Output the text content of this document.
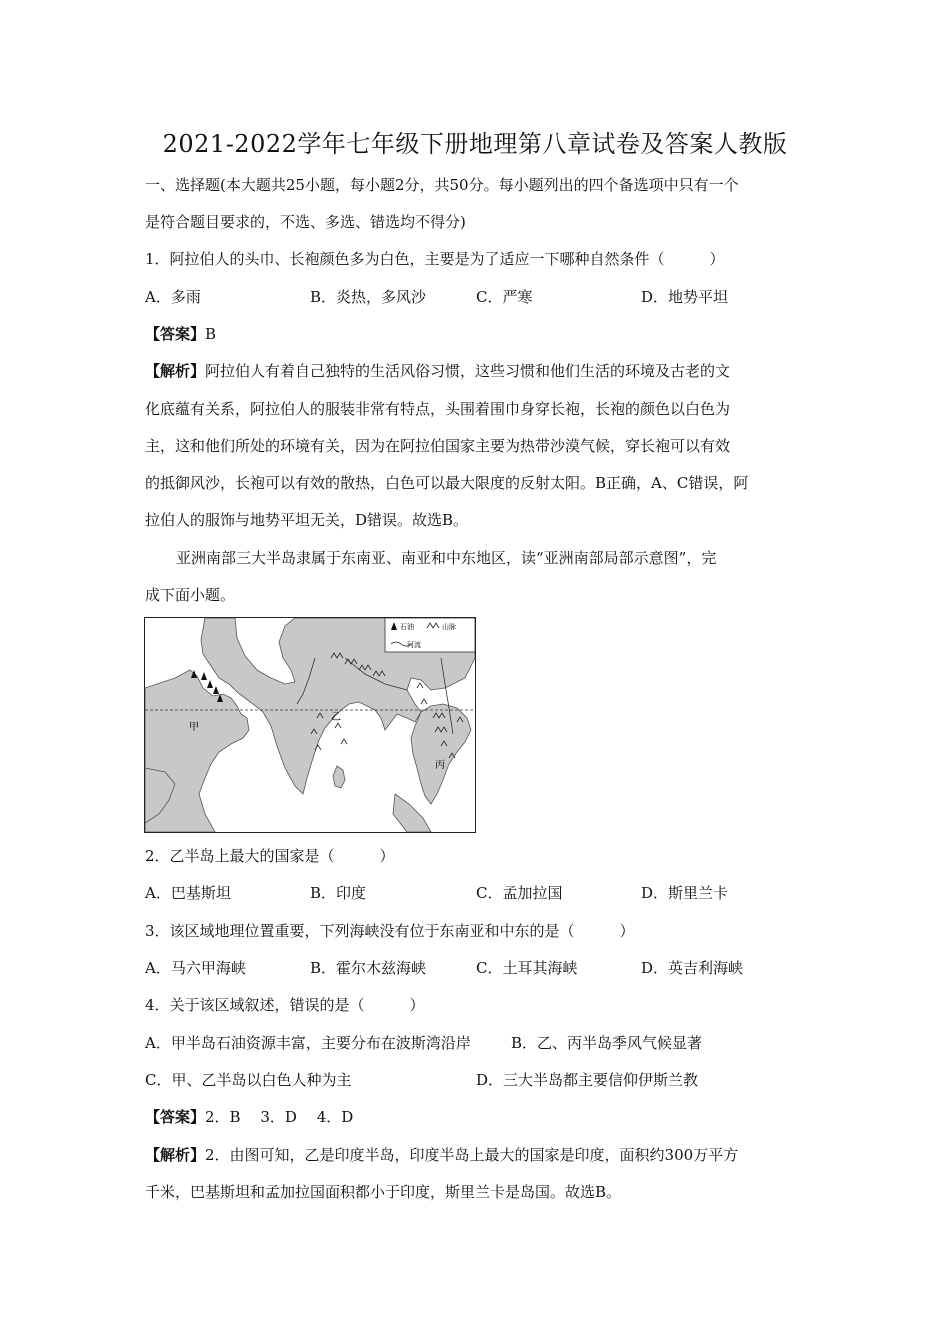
2021-2022学年七年级下册地理第八章试卷及答案人教版
一、选择题(本大题共25小题，每小题2分，共50分。每小题列出的四个备选项中只有一个
是符合题目要求的，不选、多选、错选均不得分)
1．阿拉伯人的头巾、长袍颜色多为白色，主要是为了适应一下哪种自然条件（　　　）
A．多雨	B．炎热，多风沙	C．严寒	D．地势平坦
【答案】B
【解析】阿拉伯人有着自己独特的生活风俗习惯，这些习惯和他们生活的环境及古老的文
化底蕴有关系，阿拉伯人的服装非常有特点，头围着围巾身穿长袍，长袍的颜色以白色为
主，这和他们所处的环境有关，因为在阿拉伯国家主要为热带沙漠气候，穿长袍可以有效
的抵御风沙，长袍可以有效的散热，白色可以最大限度的反射太阳。B正确，A、C错误，阿
拉伯人的服饰与地势平坦无关，D错误。故选B。
亚洲南部三大半岛隶属于东南亚、南亚和中东地区，读“亚洲南部局部示意图”，完
成下面小题。
石油	山脉
河流
甲
乙
丙
2．乙半岛上最大的国家是（　　　）
A．巴基斯坦	B．印度	C．孟加拉国	D．斯里兰卡
3．该区域地理位置重要，下列海峡没有位于东南亚和中东的是（　　　）
A．马六甲海峡	B．霍尔木兹海峡	C．土耳其海峡	D．英吉利海峡
4．关于该区域叙述，错误的是（　　　）
A．甲半岛石油资源丰富，主要分布在波斯湾沿岸	B．乙、丙半岛季风气候显著
C．甲、乙半岛以白色人种为主	D．三大半岛都主要信仰伊斯兰教
【答案】2．B　 3．D　 4．D
【解析】2．由图可知，乙是印度半岛，印度半岛上最大的国家是印度，面积约300万平方
千米，巴基斯坦和孟加拉国面积都小于印度，斯里兰卡是岛国。故选B。
